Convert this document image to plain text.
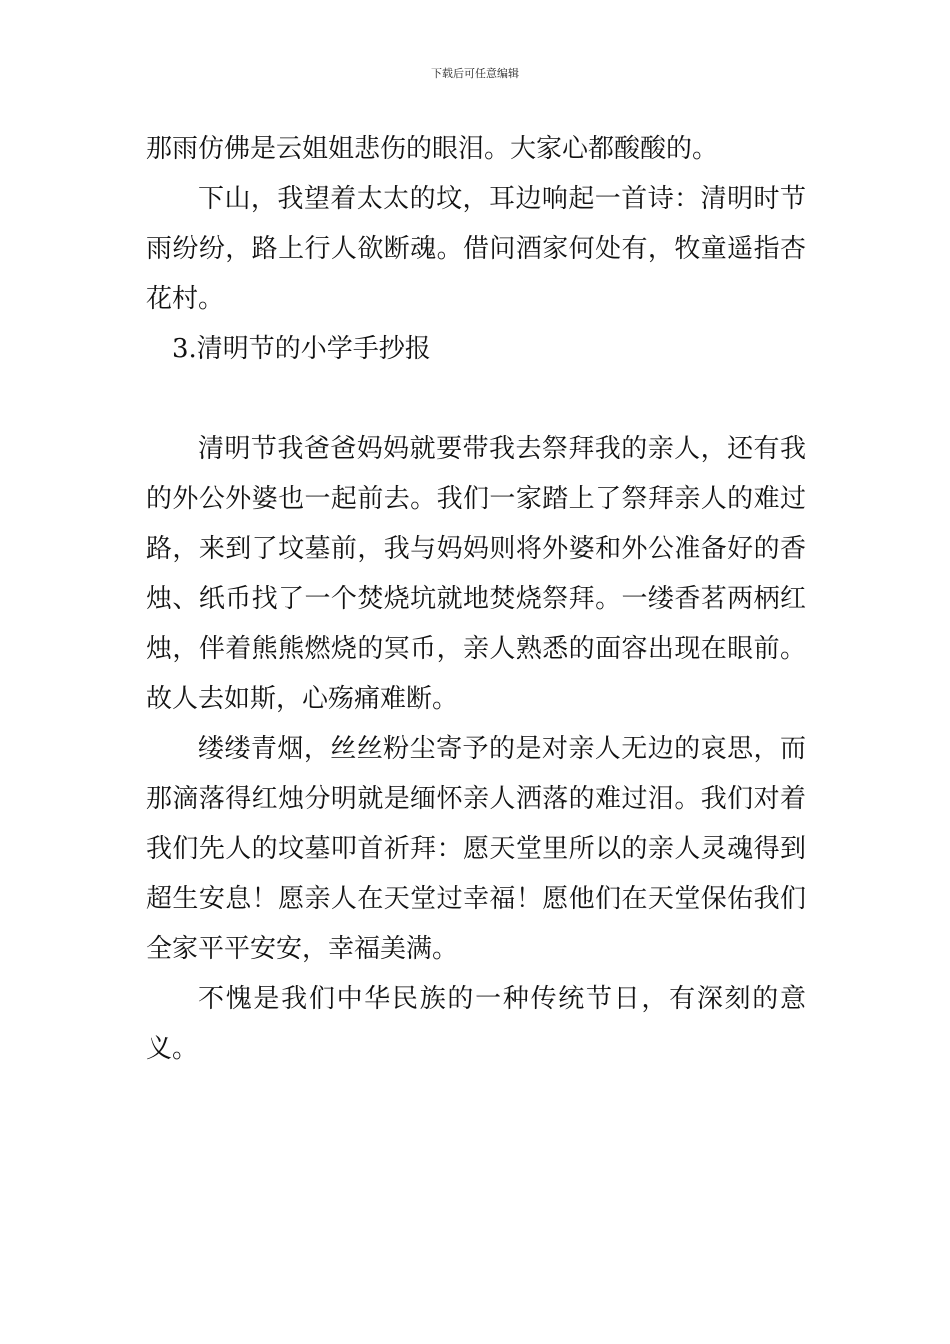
下载后可任意编辑

那雨仿佛是云姐姐悲伤的眼泪。大家心都酸酸的。

下山，我望着太太的坟，耳边响起一首诗：清明时节雨纷纷，路上行人欲断魂。借问酒家何处有，牧童遥指杏花村。

3.清明节的小学手抄报

清明节我爸爸妈妈就要带我去祭拜我的亲人，还有我的外公外婆也一起前去。我们一家踏上了祭拜亲人的难过路，来到了坟墓前，我与妈妈则将外婆和外公准备好的香烛、纸币找了一个焚烧坑就地焚烧祭拜。一缕香茗两柄红烛，伴着熊熊燃烧的冥币，亲人熟悉的面容出现在眼前。故人去如斯，心殇痛难断。

缕缕青烟，丝丝粉尘寄予的是对亲人无边的哀思，而那滴落得红烛分明就是缅怀亲人洒落的难过泪。我们对着我们先人的坟墓叩首祈拜：愿天堂里所以的亲人灵魂得到超生安息！愿亲人在天堂过幸福！愿他们在天堂保佑我们全家平平安安，幸福美满。

不愧是我们中华民族的一种传统节日，有深刻的意义。
